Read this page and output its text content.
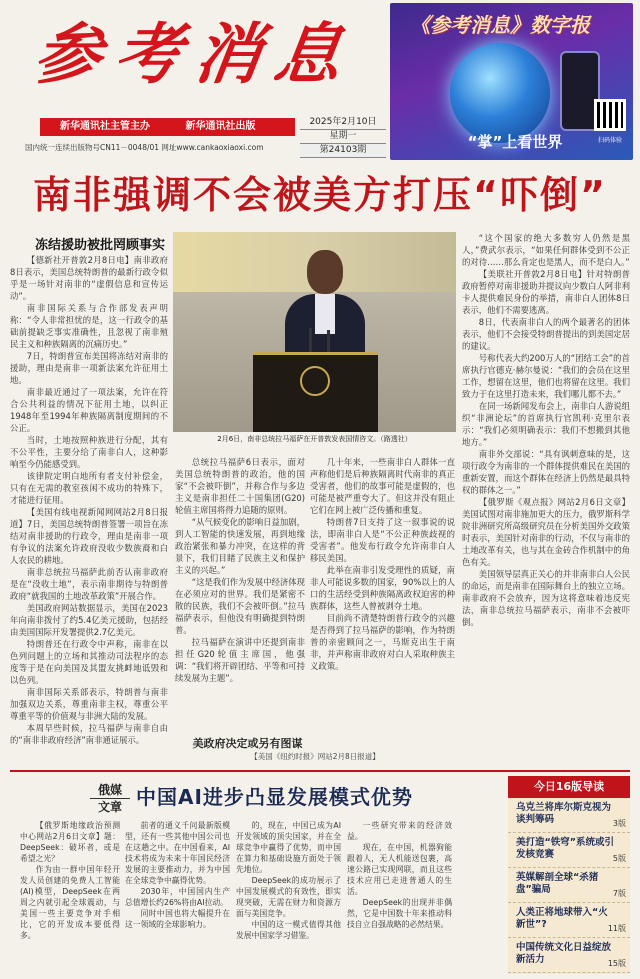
参考消息
新华通讯社主管主办	新华通讯社出版
国内统一连续出版物号CN11－0048/01 网址www.cankaoxiaoxi.com
2025年2月10日
星期一
第24103期
《参考消息》数字报
“掌”上看世界	扫码体验
南非强调不会被美方打压“吓倒”
冻结援助被批罔顾事实

【德新社开普敦2月8日电】南非政府8日表示，美国总统特朗普的最新行政令似乎是一场针对南非的“虚假信息和宣传运动”。

南非国际关系与合作部发表声明称：“令人非常担忧的是，这一行政令的基础前提缺乏事实准确性，且忽视了南非殖民主义和种族隔离的沉痛历史。”

7日，特朗普宣布美国将冻结对南非的援助，理由是南非一项新法案允许征用土地。

南非最近通过了一项法案，允许在符合公共利益的情况下征用土地，以纠正1948年至1994年种族隔离制度期间的不公正。

当时，土地按照种族进行分配，其有不公平性，主要分给了南非白人，这种影响至今仍能感受到。

该律院定明白地所有者支付补偿金，只有在无需的教室孩闲不成功的特殊下，才能进行征用。

【美国有线电视新闻网网站2月8日报道】7日，美国总统特朗普签署一项旨在冻结对南非援助的行政令，理由是南非一项有争议的法案允许政府没收少数族裔和白人农民的耕地。

南非总统拉马福萨此前否认南非政府是在“没收土地”，表示南非期待与特朗普政府“就我国的土地改革政策”开展合作。

美国政府网站数据显示，美国在2023年向南非拨付了约5.4亿美元援助，包括经由美国国际开发署提供2.7亿美元。

特朗普还在行政令中声称，南非在以色列问题上的立场和其推动司法程序的态度等于是在向美国及其盟友挑衅地诋毁和以色列。

南非国际关系部表示，特朗普与南非加强双边关系，尊重南非主权，尊重公平尊重平等的价值观与非洲大陆的发展。

本周早些时候，拉马福萨与南非自由的“南非非政府经济”南非通证展示。

2月6日，南非总统拉马福萨在开普敦发表国情咨文。（路透社）

总统拉马福萨6日表示，面对美国总统特朗普的政治，他的国家“不会被吓倒”，并称合作与多边主义是南非担任二十国集团(G20)轮值主席国将得力追随的原则。

“从气候变化的影响日益加剧，到人工智能的快速发展，再到地缘政治紧张和暴力冲突，在这样的背景下，我们目睹了民族主义和保护主义的兴起。”

“这是我们作为发展中经济体现在必须应对的世界。我们是紧密不散的民族，我们不会被吓倒。”拉马福萨表示，但他没有明确提到特朗普。

拉马福萨在演讲中还提到南非担任G20轮值主席国，他强调：“我们将开辟团结、平等和可持续发展为主题”。

几十年来，一些南非白人群体一直声称他们是后种族隔离时代南非的真正受害者，他们的故事可能是虚假的，也可能是被严重夸大了。但这并没有阻止它们在网上被广泛传播和重复。

特朗普7日支持了这一叙事说的说法，即南非白人是“不公正种族歧视的受害者”。他发布行政令允许南非白人移民美国。

此举在南非引发受理性的质疑，南非人可能说多数的国家，90%以上的人口的生活经受到种族隔离政权迫害的种族群体，这些人曾被剥夺土地。

目前尚不清楚特朗普行政令的兴趣是否得到了拉马福萨的影响，作为特朗普的亲密顾问之一，马斯克出生于南非，并声称南非政府对白人采取种族主义政策。

“这个国家的绝大多数穷人仍然是黑人，”费武尔表示，“如果任何群体受到不公正的对待……那么肯定也是黑人，而不是白人。”

【美联社开普敦2月8日电】针对特朗普政府暂停对南非援助并提议向少数白人阿非利卡人提供难民身份的举措，南非白人团体8日表示，他们不需要逃离。

8日，代表南非白人的两个最著名的团体表示，他们不会接受特朗普提出的到美国定居的建议。

号称代表大约200万人的“团结工会”的首席执行官德克·赫尔曼说：“我们的会员在这里工作，想留在这里，他们也将留在这里。我们致力于在这里打造未来，我们哪儿都不去。”

在同一场新闻发布会上，南非白人游说组织“非洲论坛”的首席执行官凯利·克里尔表示：“我们必须明确表示：我们不想搬到其他地方。”

南非外交部说：“具有讽刺意味的是，这项行政令为南非的一个群体提供难民在美国的重新安置，而这个群体在经济上仍然是最具特权的群体之一。”

【俄罗斯《观点报》网站2月6日文章】美国试图对南非施加更大的压力，俄罗斯科学院非洲研究所高级研究员在分析美国外交政策时表示，美国针对南非的行动，不仅与南非的土地改革有关，也与其在金砖合作机制中的角色有关。

美国领导层真正关心的并非南非白人公民的命运，而是南非在国际舞台上的独立立场。南非政府不会放弃，因为这将意味着违反宪法，南非总统拉马福萨表示，南非不会被吓倒。

美政府决定或另有图谋
【美国《纽约时报》网站2月8日报道】
俄媒
文章 中国AI进步凸显发展模式优势

【俄罗斯地缘政治预测中心网站2月6日文章】题：DeepSeek：破坏者，或是希望之光？

作为由一群中国年轻开发人员创建的免费人工智能(AI)模型，DeepSeek在两周之内就引起全球震动，与美国一些主要竞争对手相比，它的开发成本要低得多。

前者的通义千问最新版模型，还有一些其他中国公司也在这趟之中。在中国看来，AI技术将成为未来十年国民经济发展的主要推动力，并为中国在全球竞争中赢得优势。

2030年，中国国内生产总值增长约26%将由AI拉动。

同时中国也将大幅提升在这一领域的全球影响力。

的，现在，中国已成为AI开发领域的顶尖国家，并在全球竞争中赢得了优势，而中国在算力和基础设施方面处于领先地位。

DeepSeek的成功展示了中国发展模式的有效性，即实现突破，无需在财力和资源方面与美国竞争。

中国的这一模式值得其他发展中国家学习借鉴。

一些研究带来的经济效益。

现在，在中国，机器狗能跟着人，无人机能送包裹，高速公路已实现网联，而且这些技术应用已走进普通人的生活。

DeepSeek的出现并非偶然，它是中国数十年来推动科技自立自强战略的必然结果。

今日16版导读
乌克兰将库尔斯克视为谈判筹码	3版
美打造“铁穹”系统或引发核竞赛	5版
英媒解剖全球“杀猪盘”骗局	7版
人类正将地球带入“火新世”?	11版
中国传统文化日益绽放新活力	15版
